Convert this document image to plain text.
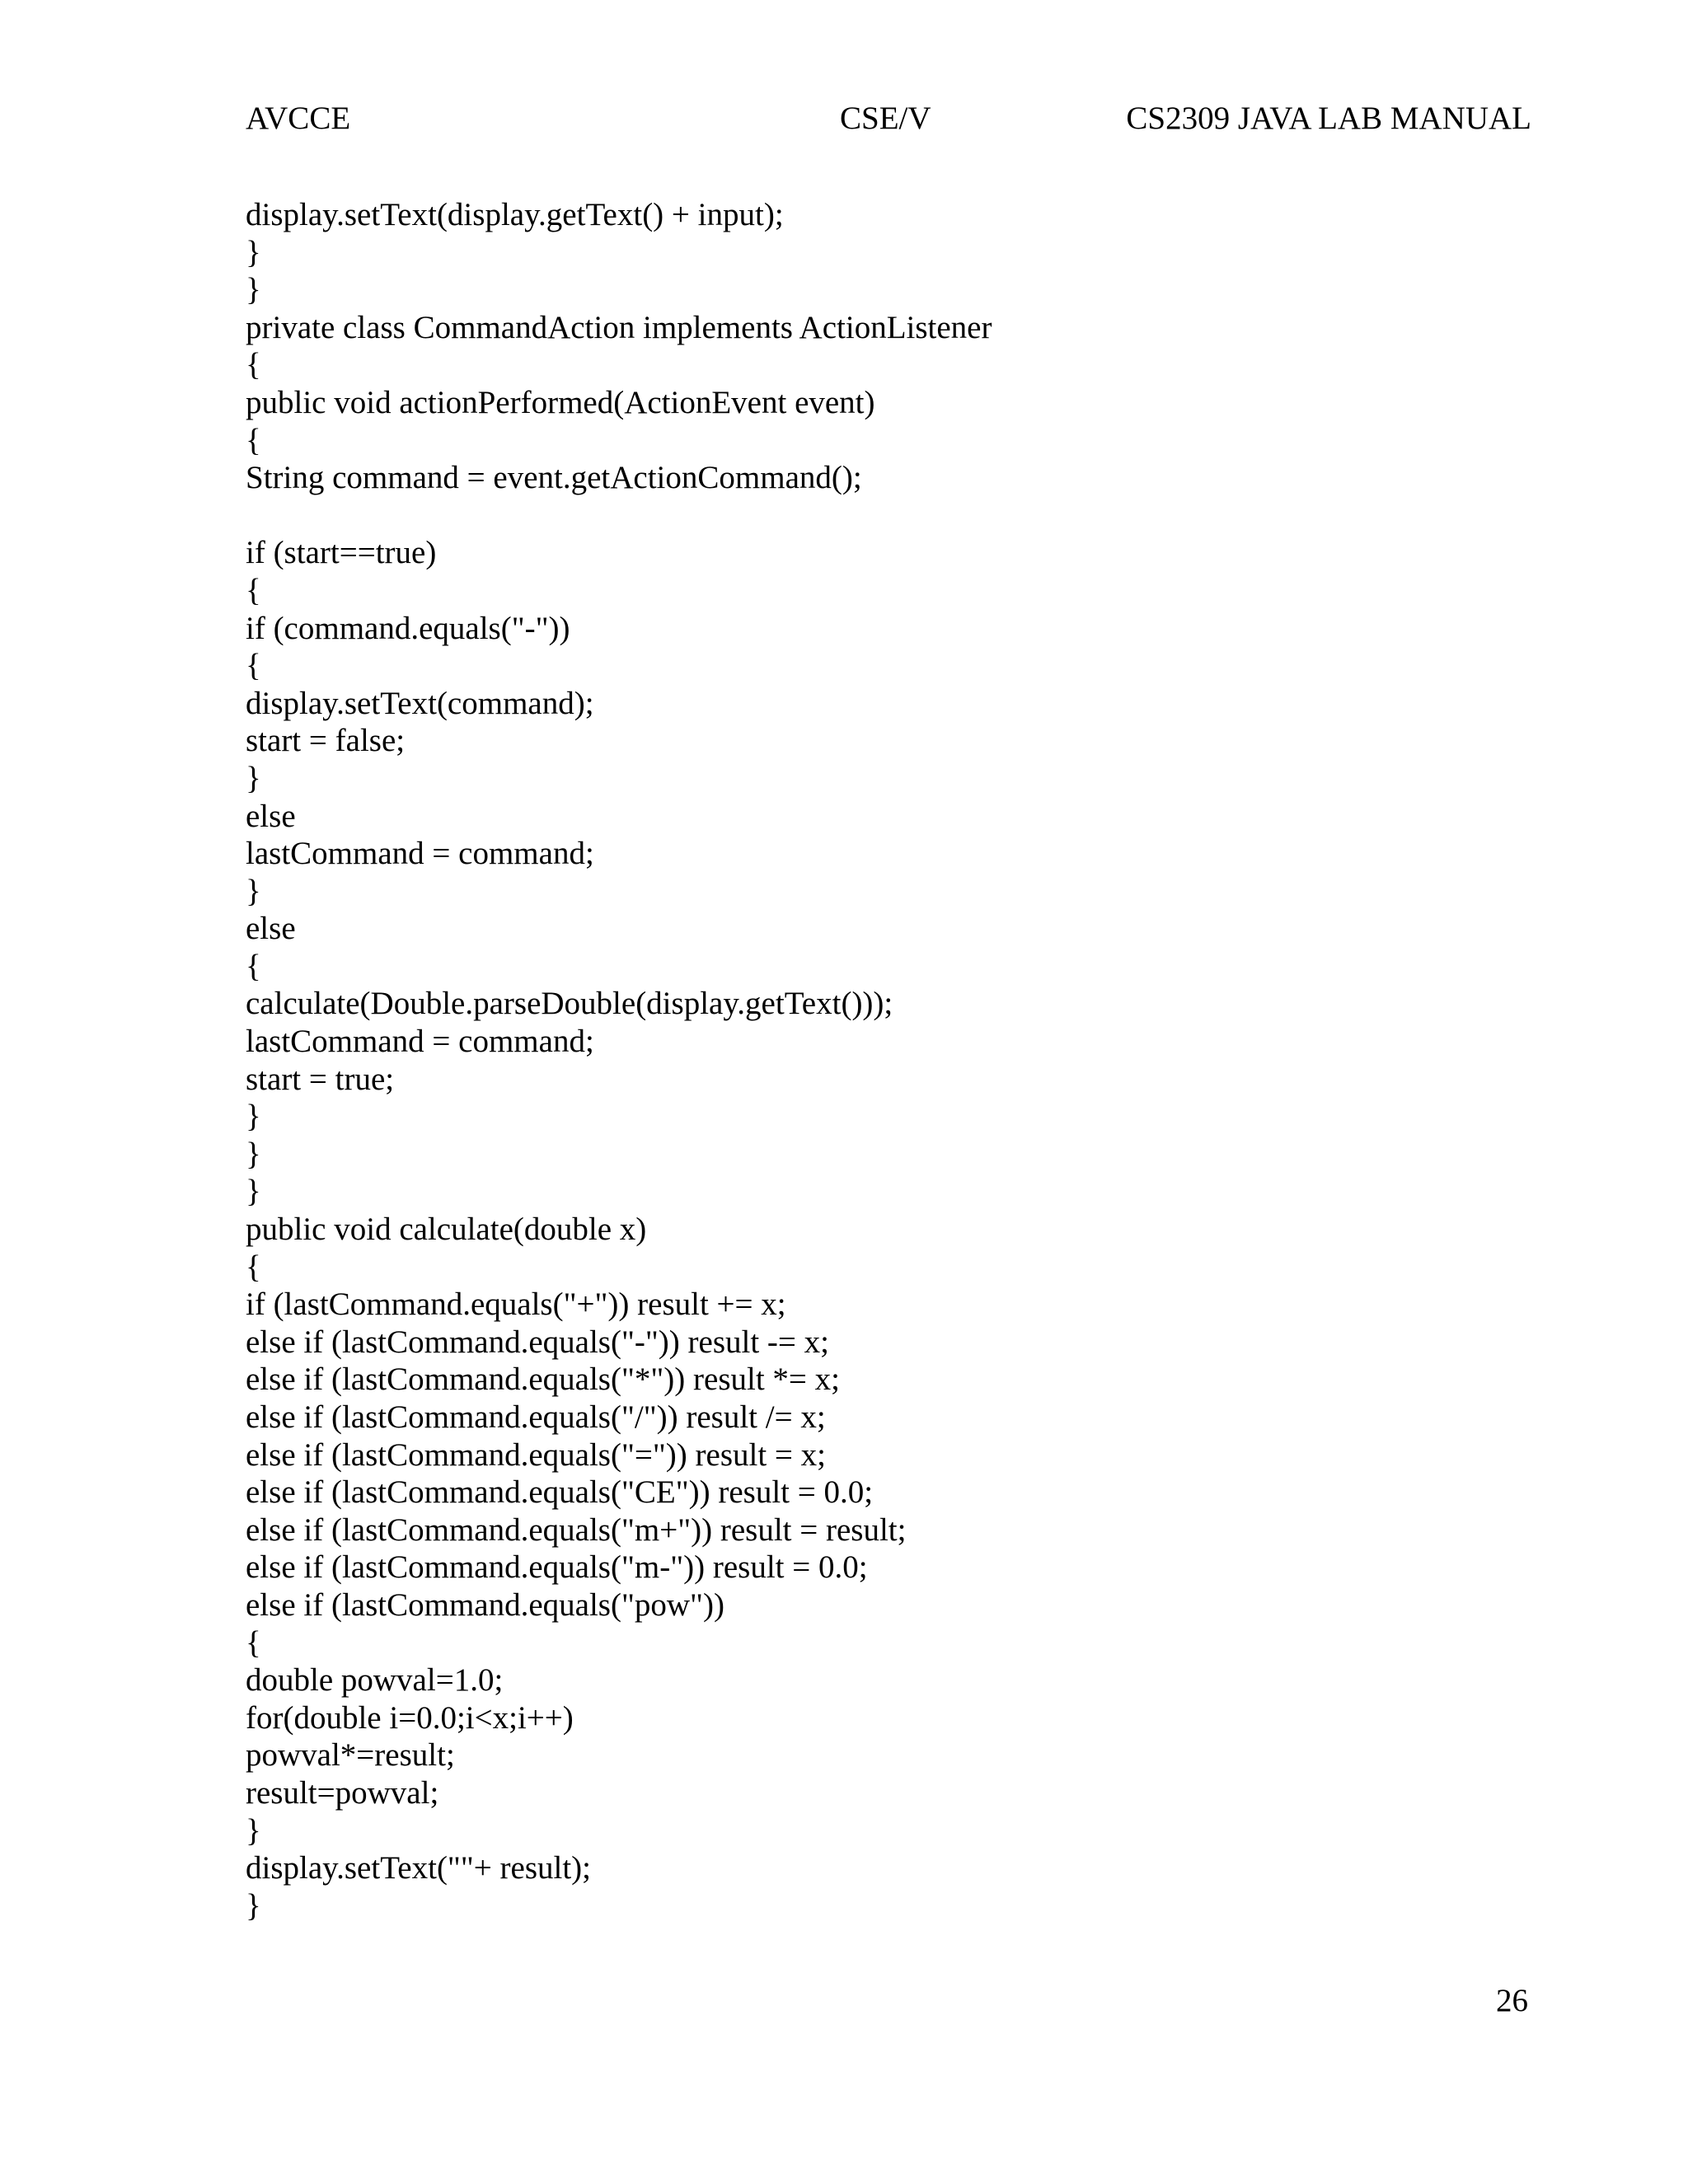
AVCCE	CSE/V	CS2309 JAVA LAB MANUAL
display.setText(display.getText() + input);
}
}
private class CommandAction implements ActionListener
{
public void actionPerformed(ActionEvent event)
{
String command = event.getActionCommand();
if (start==true)
{
if (command.equals("-"))
{
display.setText(command);
start = false;
}
else
lastCommand = command;
}
else
{
calculate(Double.parseDouble(display.getText()));
lastCommand = command;
start = true;
}
}
}
public void calculate(double x)
{
if (lastCommand.equals("+")) result += x;
else if (lastCommand.equals("-")) result -= x;
else if (lastCommand.equals("*")) result *= x;
else if (lastCommand.equals("/")) result /= x;
else if (lastCommand.equals("=")) result = x;
else if (lastCommand.equals("CE")) result = 0.0;
else if (lastCommand.equals("m+")) result = result;
else if (lastCommand.equals("m-")) result = 0.0;
else if (lastCommand.equals("pow"))
{
double powval=1.0;
for(double i=0.0;i<x;i++)
powval*=result;
result=powval;
}
display.setText(""+ result);
}
26
